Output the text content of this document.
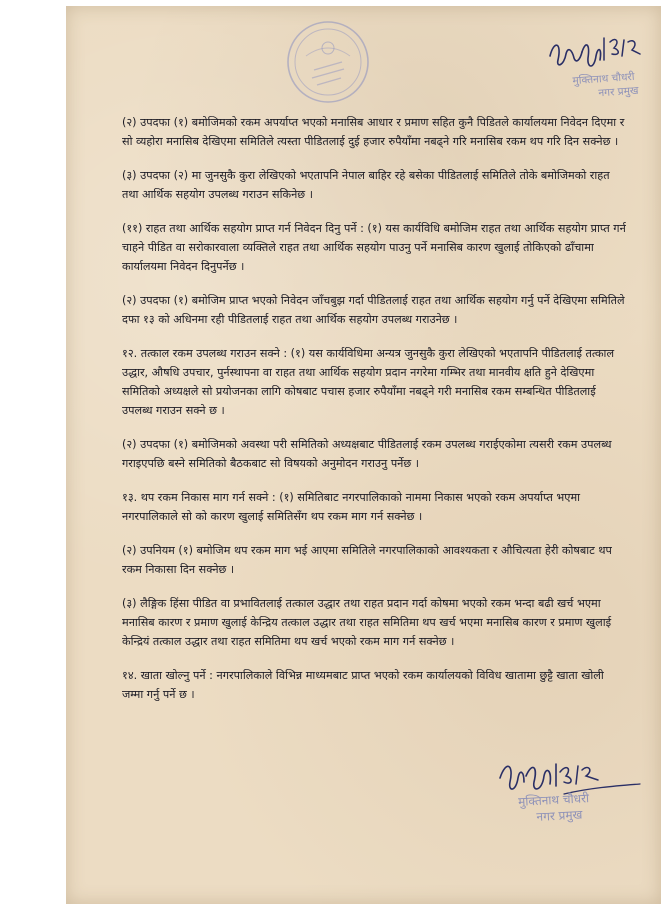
मुक्तिनाथ चौधरी
नगर प्रमुख

(२) उपदफा (१) बमोजिमको रकम अपर्याप्त भएको मनासिब आधार र प्रमाण सहित कुनै पिडितले कार्यालयमा निवेदन दिएमा र सो व्यहोरा मनासिब देखिएमा समितिले त्यस्ता पीडितलाई दुई हजार रुपैयाँमा नबढ्ने गरि मनासिब रकम थप गरि दिन सक्नेछ ।

(३) उपदफा (२) मा जुनसुकै कुरा लेखिएको भएतापनि नेपाल बाहिर रहे बसेका पीडितलाई समितिले तोके बमोजिमको राहत तथा आर्थिक सहयोग उपलब्ध गराउन सकिनेछ ।

(११) राहत तथा आर्थिक सहयोग प्राप्त गर्न निवेदन दिनु पर्ने : (१) यस कार्यविधि बमोजिम राहत तथा आर्थिक सहयोग प्राप्त गर्न चाहने पीडित वा सरोकारवाला व्यक्तिले राहत तथा आर्थिक सहयोग पाउनु पर्ने मनासिब कारण खुलाई तोकिएको ढाँचामा कार्यालयमा निवेदन दिनुपर्नेछ ।

(२) उपदफा (१) बमोजिम प्राप्त भएको निवेदन जाँचबुझ गर्दा पीडितलाई राहत तथा आर्थिक सहयोग गर्नु पर्ने देखिएमा समितिले दफा १३ को अधिनमा रही पीडितलाई राहत तथा आर्थिक सहयोग उपलब्ध गराउनेछ ।

१२. तत्काल रकम उपलब्ध गराउन सक्ने : (१) यस कार्यविधिमा अन्यत्र जुनसुकै कुरा लेखिएको भएतापनि पीडितलाई तत्काल उद्धार, औषधि उपचार, पुर्नस्थापना वा राहत तथा आर्थिक सहयोग प्रदान नगरेमा गम्भिर तथा मानवीय क्षति हुने देखिएमा समितिको अध्यक्षले सो प्रयोजनका लागि कोषबाट पचास हजार रुपैयाँमा नबढ्ने गरी मनासिब रकम सम्बन्धित पीडितलाई उपलब्ध गराउन सक्ने छ ।

(२) उपदफा (१) बमोजिमको अवस्था परी समितिको अध्यक्षबाट पीडितलाई रकम उपलब्ध गराईएकोमा त्यसरी रकम उपलब्ध गराइएपछि बस्ने समितिको बैठकबाट सो विषयको अनुमोदन गराउनु पर्नेछ ।

१३. थप रकम निकास माग गर्न सक्ने : (१) समितिबाट नगरपालिकाको नाममा निकास भएको रकम अपर्याप्त भएमा नगरपालिकाले सो को कारण खुलाई समितिसँग थप रकम माग गर्न सक्नेछ ।

(२) उपनियम (१) बमोजिम थप रकम माग भई आएमा समितिले नगरपालिकाको आवश्यकता र औचित्यता हेरी कोषबाट थप रकम निकासा दिन सक्नेछ ।

(३) लैङ्गिक हिंसा पीडित वा प्रभावितलाई तत्काल उद्धार तथा राहत प्रदान गर्दा कोषमा भएको रकम भन्दा बढी खर्च भएमा मनासिब कारण र प्रमाण खुलाई केन्द्रिय तत्काल उद्धार तथा राहत समितिमा थप खर्च भएमा मनासिब कारण र प्रमाण खुलाई केन्द्रियं तत्काल उद्धार तथा राहत समितिमा थप खर्च भएको रकम माग गर्न सक्नेछ ।

१४. खाता खोल्नु पर्ने : नगरपालिकाले विभिन्न माध्यमबाट प्राप्त भएको रकम कार्यालयको विविध खातामा छुट्टै खाता खोली जम्मा गर्नु पर्ने छ ।

मुक्तिनाथ चौधरी
नगर प्रमुख
